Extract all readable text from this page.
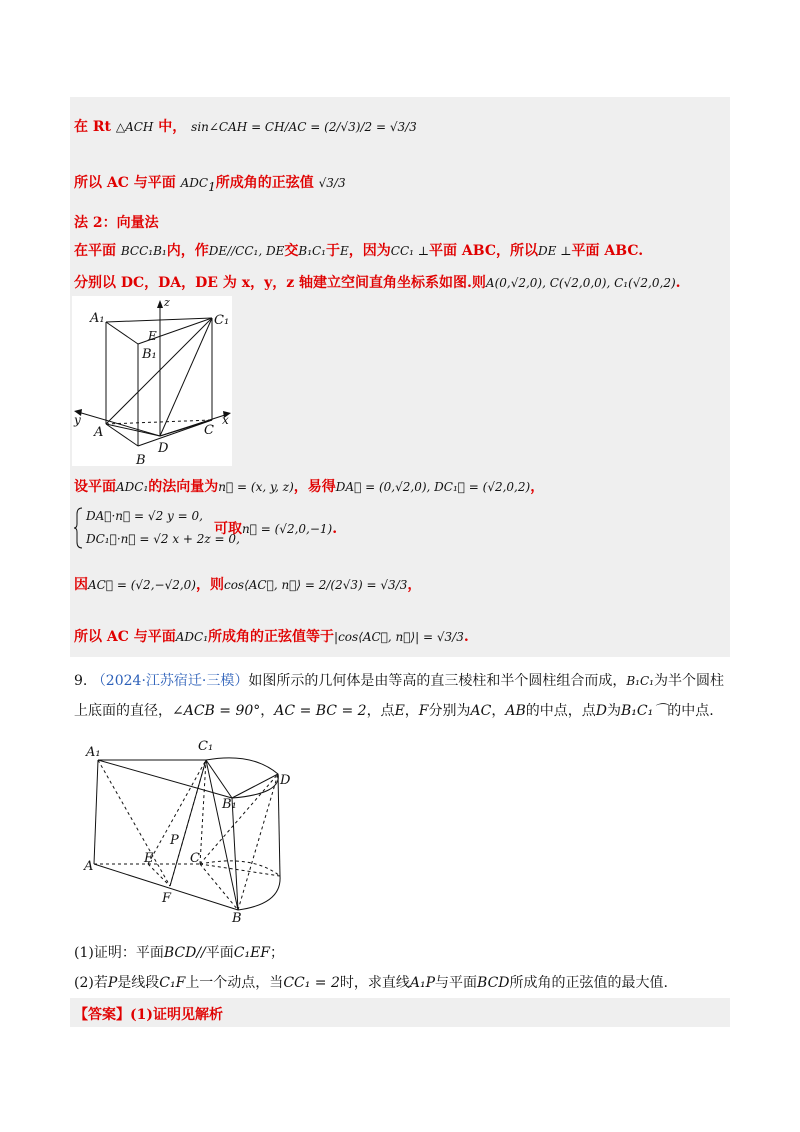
在 Rt △ACH 中， sin∠CAH = CH/AC = (2/√3)/2 = √3/3
所以 AC 与平面 $ADC_1$所成角的正弦值 √3/3
法 2：向量法
在平面 BCC₁B₁内，作DE//CC₁, DE交B₁C₁于E，因为CC₁ ⊥平面 ABC，所以DE ⊥平面 ABC.
分别以 DC，DA，DE 为 x，y，z 轴建立空间直角坐标系如图.则A(0,√2,0), C(√2,0,0), C₁(√2,0,2).
z
A₁	C₁
E
B₁
y
A
D
C
x
B
设平面ADC₁的法向量为n⃗ = (x, y, z)，易得DA⃗ = (0,√2,0), DC₁⃗ = (√2,0,2)，
DA⃗·n⃗ = √2 y = 0,
DC₁⃗·n⃗ = √2 x + 2z = 0,
可取n⃗ = (√2,0,−1).
因AC⃗ = (√2,−√2,0)，则cos⟨AC⃗, n⃗⟩ = 2/(2√3) = √3/3，
所以 AC 与平面ADC₁所成角的正弦值等于|cos⟨AC⃗, n⃗⟩| = √3/3.
9. （2024·江苏宿迁·三模）如图所示的几何体是由等高的直三棱柱和半个圆柱组合而成，B₁C₁为半个圆柱
上底面的直径，∠ACB = 90°，AC = BC = 2，点E，F分别为AC，AB的中点，点D为B₁C₁⌒的中点.
A₁	C₁
D
B₁
P
E	C
A
F
B
(1)证明：平面BCD//平面C₁EF；
(2)若P是线段C₁F上一个动点，当CC₁ = 2时，求直线A₁P与平面BCD所成角的正弦值的最大值.
【答案】(1)证明见解析
